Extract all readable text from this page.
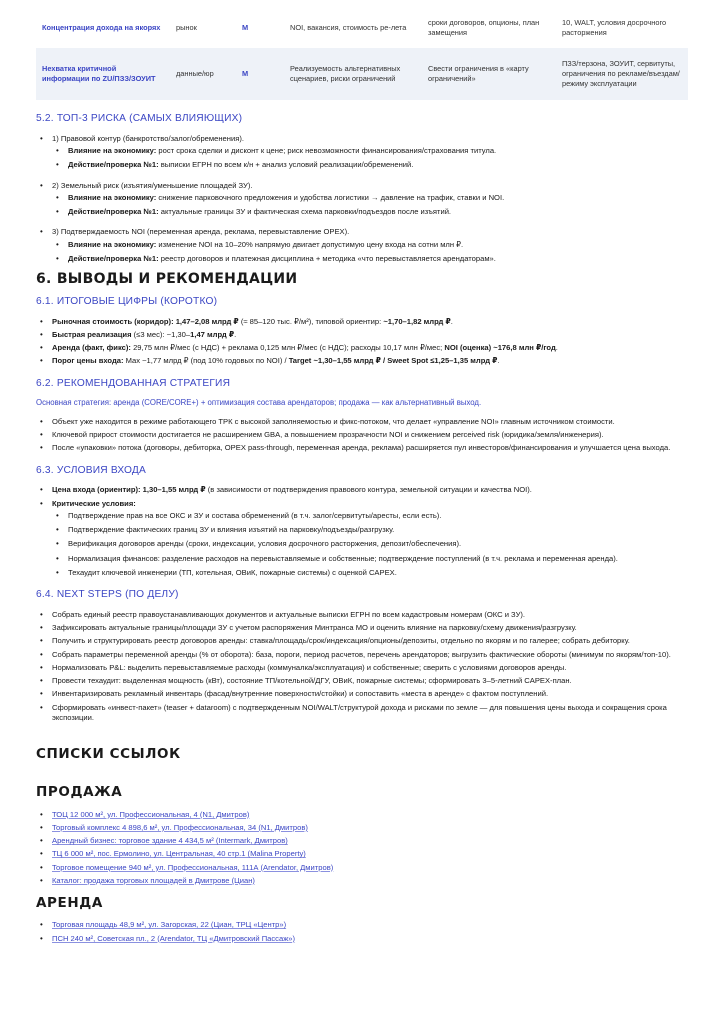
Концентрация дохода на якорях	рынок	M	NOI, вакансия, стоимость ре-лета	сроки договоров, опционы, план замещения	10, WALT, условия досрочного расторжения
Нехватка критичной информации по ZU/ПЗЗ/ЗОУИТ	данные/юр	M	Реализуемость альтернативных сценариев, риски ограничений	Свести ограничения в «карту ограничений»	ПЗЗ/терзона, ЗОУИТ, сервитуты, ограничения по рекламе/въездам/режиму эксплуатации
5.2. ТОП-3 РИСКА (САМЫХ ВЛИЯЮЩИХ)
• 1) Правовой контур (банкротство/залог/обременения).
• Влияние на экономику: рост срока сделки и дисконт к цене; риск невозможности финансирования/страхования титула.
• Действие/проверка №1: выписки ЕГРН по всем к/н + анализ условий реализации/обременений.
• 2) Земельный риск (изъятия/уменьшение площадей ЗУ).
• Влияние на экономику: снижение парковочного предложения и удобства логистики → давление на трафик, ставки и NOI.
• Действие/проверка №1: актуальные границы ЗУ и фактическая схема парковки/подъездов после изъятий.
• 3) Подтверждаемость NOI (переменная аренда, реклама, перевыставление OPEX).
• Влияние на экономику: изменение NOI на 10–20% напрямую двигает допустимую цену входа на сотни млн ₽.
• Действие/проверка №1: реестр договоров и платежная дисциплина + методика «что перевыставляется арендаторам».
6. ВЫВОДЫ И РЕКОМЕНДАЦИИ
6.1. ИТОГОВЫЕ ЦИФРЫ (КОРОТКО)
• Рыночная стоимость (коридор): 1,47–2,08 млрд ₽ (≈ 85–120 тыс. ₽/м²), типовой ориентир: ~1,70–1,82 млрд ₽.
• Быстрая реализация (≤3 мес): ~1,30–1,47 млрд ₽.
• Аренда (факт, фикс): 29,75 млн ₽/мес (с НДС) + реклама 0,125 млн ₽/мес (с НДС); расходы 10,17 млн ₽/мес; NOI (оценка) ~176,8 млн ₽/год.
• Порог цены входа: Max ~1,77 млрд ₽ (под 10% годовых по NOI) / Target ~1,30–1,55 млрд ₽ / Sweet Spot ≤1,25–1,35 млрд ₽.
6.2. РЕКОМЕНДОВАННАЯ СТРАТЕГИЯ

Основная стратегия: аренда (CORE/CORE+) + оптимизация состава арендаторов; продажа — как альтернативный выход.

• Объект уже находится в режиме работающего ТРК с высокой заполняемостью и фикс-потоком, что делает «управление NOI» главным источником стоимости.
• Ключевой прирост стоимости достигается не расширением GBA, а повышением прозрачности NOI и снижением perceived risk (юридика/земля/инженерия).
• После «упаковки» потока (договоры, дебиторка, OPEX pass-through, переменная аренда, реклама) расширяется пул инвесторов/финансирования и улучшается цена выхода.
6.3. УСЛОВИЯ ВХОДА
• Цена входа (ориентир): 1,30–1,55 млрд ₽ (в зависимости от подтверждения правового контура, земельной ситуации и качества NOI).
• Критические условия:
• Подтверждение прав на все ОКС и ЗУ и состава обременений (в т.ч. залог/сервитуты/аресты, если есть).
• Подтверждение фактических границ ЗУ и влияния изъятий на парковку/подъезды/разгрузку.
• Верификация договоров аренды (сроки, индексации, условия досрочного расторжения, депозит/обеспечения).
• Нормализация финансов: разделение расходов на перевыставляемые и собственные; подтверждение поступлений (в т.ч. реклама и переменная аренда).
• Техаудит ключевой инженерии (ТП, котельная, ОВиК, пожарные системы) с оценкой CAPEX.
6.4. NEXT STEPS (ПО ДЕЛУ)
• Собрать единый реестр правоустанавливающих документов и актуальные выписки ЕГРН по всем кадастровым номерам (ОКС и ЗУ).
• Зафиксировать актуальные границы/площади ЗУ с учетом распоряжения Минтранса МО и оценить влияние на парковку/схему движения/разгрузку.
• Получить и структурировать реестр договоров аренды: ставка/площадь/срок/индексация/опционы/депозиты, отдельно по якорям и по галерее; собрать дебиторку.
• Собрать параметры переменной аренды (% от оборота): база, пороги, период расчетов, перечень арендаторов; выгрузить фактические обороты (минимум по якорям/топ-10).
• Нормализовать P&L: выделить перевыставляемые расходы (коммуналка/эксплуатация) и собственные; сверить с условиями договоров аренды.
• Провести техаудит: выделенная мощность (кВт), состояние ТП/котельной/ДГУ, ОВиК, пожарные системы; сформировать 3–5-летний CAPEX-план.
• Инвентаризировать рекламный инвентарь (фасад/внутренние поверхности/стойки) и сопоставить «места в аренде» с фактом поступлений.
• Сформировать «инвест-пакет» (teaser + dataroom) с подтвержденным NOI/WALT/структурой дохода и рисками по земле — для повышения цены выхода и сокращения срока экспозиции.
СПИСКИ ССЫЛОК
ПРОДАЖА
• ТОЦ 12 000 м², ул. Профессиональная, 4 (N1, Дмитров)
• Торговый комплекс 4 898,6 м², ул. Профессиональная, 34 (N1, Дмитров)
• Арендный бизнес: торговое здание 4 434,5 м² (Intermark, Дмитров)
• ТЦ 6 000 м², пос. Ермолино, ул. Центральная, 40 стр.1 (Malina Property)
• Торговое помещение 940 м², ул. Профессиональная, 111А (Arendator, Дмитров)
• Каталог: продажа торговых площадей в Дмитрове (Циан)
АРЕНДА
• Торговая площадь 48,9 м², ул. Загорская, 22 (Циан, ТРЦ «Центр»)
• ПСН 240 м², Советская пл., 2 (Arendator, ТЦ «Дмитровский Пассаж»)
